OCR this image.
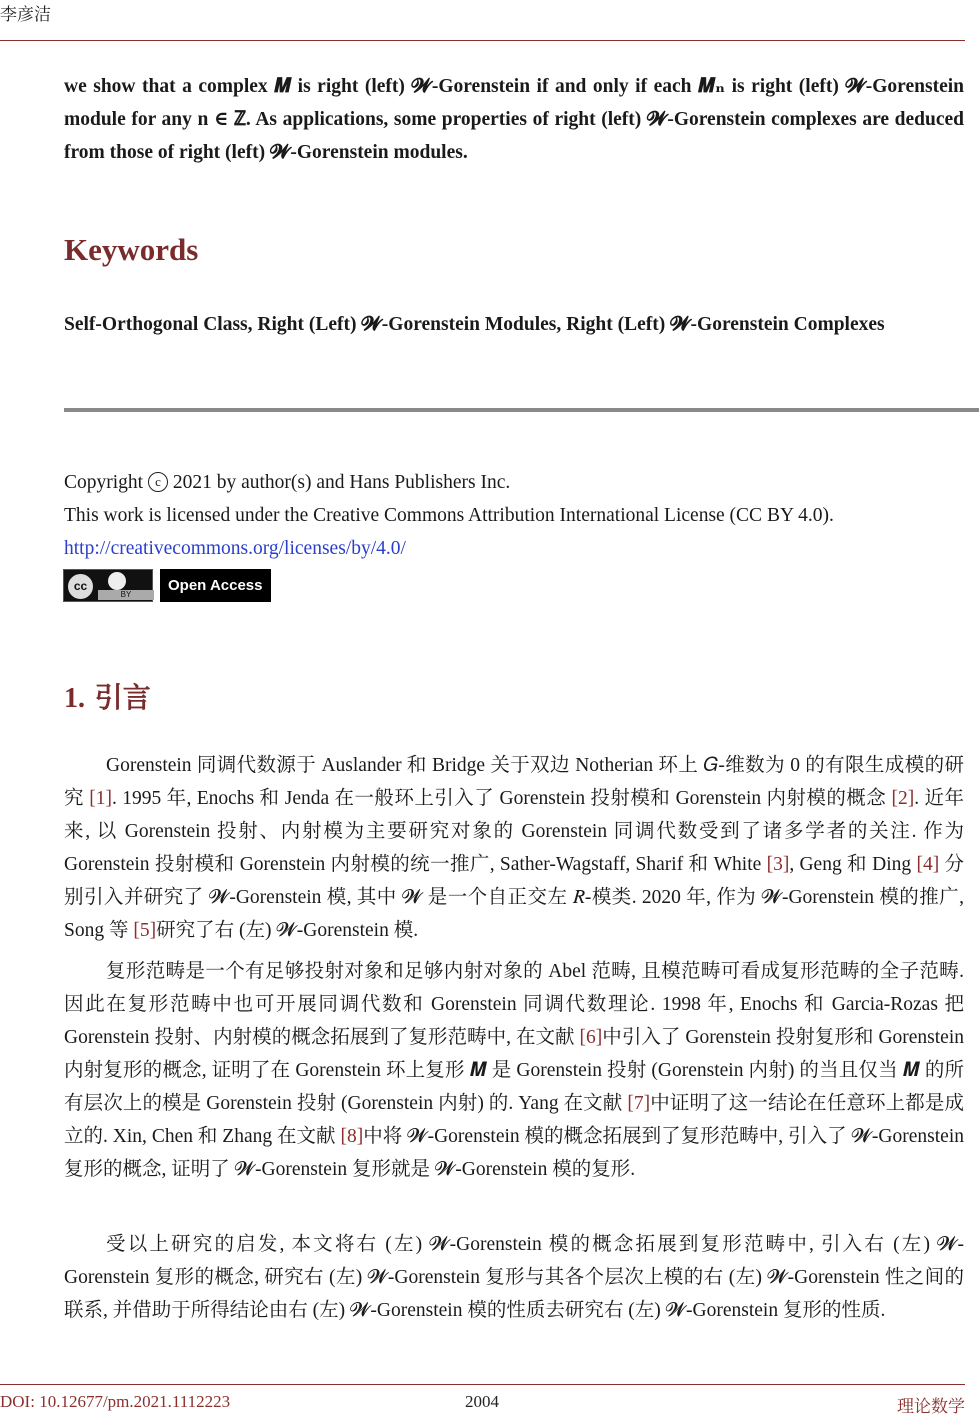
李彦洁
we show that a complex 𝑴 is right (left) 𝓦-Gorenstein if and only if each 𝑴ₙ is right (left) 𝓦-Gorenstein module for any n ∈ ℤ. As applications, some properties of right (left) 𝓦-Gorenstein complexes are deduced from those of right (left) 𝓦-Gorenstein modules.
Keywords
Self-Orthogonal Class, Right (Left) 𝓦-Gorenstein Modules, Right (Left) 𝓦-Gorenstein Complexes
Copyright c 2021 by author(s) and Hans Publishers Inc.
This work is licensed under the Creative Commons Attribution International License (CC BY 4.0).
http://creativecommons.org/licenses/by/4.0/
cc
BY
Open Access
1. 引言
Gorenstein 同调代数源于 Auslander 和 Bridge 关于双边 Notherian 环上 𝐺-维数为 0 的有限生成模的研究 [1]. 1995 年, Enochs 和 Jenda 在一般环上引入了 Gorenstein 投射模和 Gorenstein 内射模的概念 [2]. 近年来, 以 Gorenstein 投射、内射模为主要研究对象的 Gorenstein 同调代数受到了诸多学者的关注. 作为 Gorenstein 投射模和 Gorenstein 内射模的统一推广, Sather-Wagstaff, Sharif 和 White [3], Geng 和 Ding [4] 分别引入并研究了 𝓦-Gorenstein 模, 其中 𝓦 是一个自正交左 𝑅-模类. 2020 年, 作为 𝓦-Gorenstein 模的推广, Song 等 [5]研究了右 (左) 𝓦-Gorenstein 模.
复形范畴是一个有足够投射对象和足够内射对象的 Abel 范畴, 且模范畴可看成复形范畴的全子范畴. 因此在复形范畴中也可开展同调代数和 Gorenstein 同调代数理论. 1998 年, Enochs 和 Garcia-Rozas 把 Gorenstein 投射、内射模的概念拓展到了复形范畴中, 在文献 [6]中引入了 Gorenstein 投射复形和 Gorenstein 内射复形的概念, 证明了在 Gorenstein 环上复形 𝑴 是 Gorenstein 投射 (Gorenstein 内射) 的当且仅当 𝑴 的所有层次上的模是 Gorenstein 投射 (Gorenstein 内射) 的. Yang 在文献 [7]中证明了这一结论在任意环上都是成立的. Xin, Chen 和 Zhang 在文献 [8]中将 𝓦-Gorenstein 模的概念拓展到了复形范畴中, 引入了 𝓦-Gorenstein复形的概念, 证明了 𝓦-Gorenstein 复形就是 𝓦-Gorenstein 模的复形.
受以上研究的启发, 本文将右 (左) 𝓦-Gorenstein 模的概念拓展到复形范畴中, 引入右 (左) 𝓦-Gorenstein 复形的概念, 研究右 (左) 𝓦-Gorenstein 复形与其各个层次上模的右 (左) 𝓦-Gorenstein 性之间的联系, 并借助于所得结论由右 (左) 𝓦-Gorenstein 模的性质去研究右 (左) 𝓦-Gorenstein 复形的性质.
DOI: 10.12677/pm.2021.1112223	2004	理论数学
